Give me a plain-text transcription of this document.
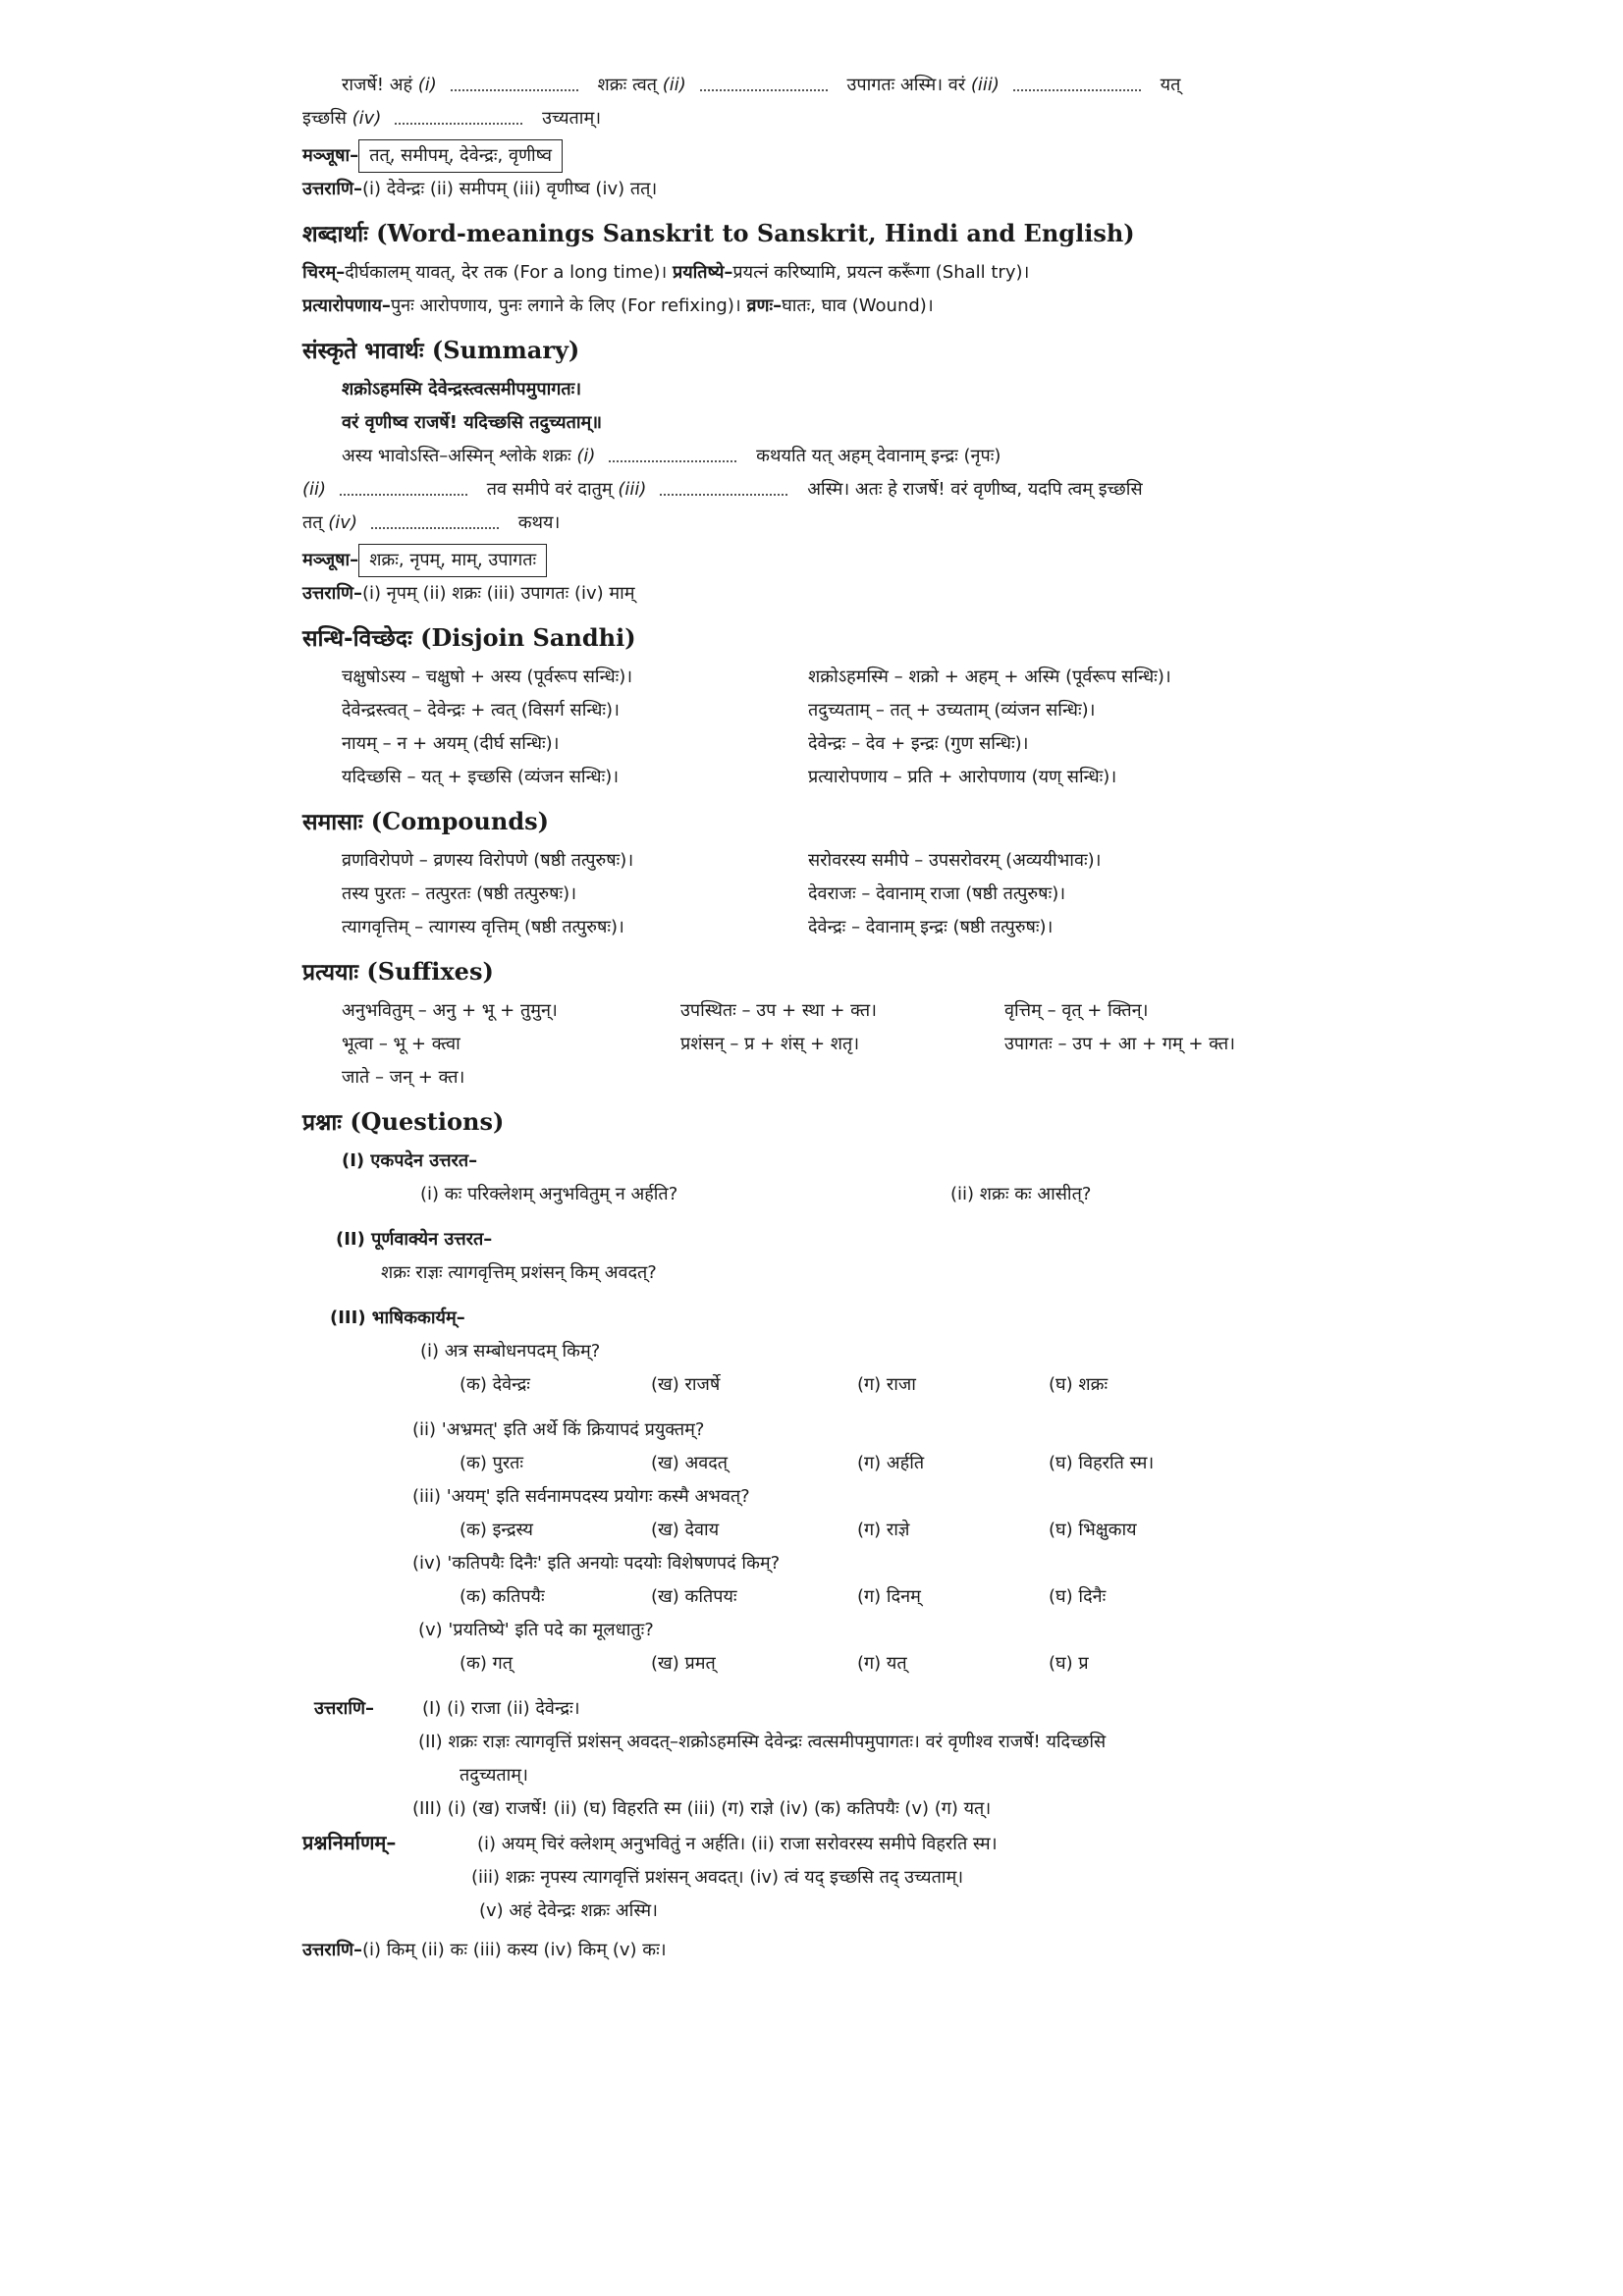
राजर्षे! अहं (i)	शक्रः त्वत् (ii)	उपागतः अस्मि। वरं (iii)	यत्
इच्छसि (iv)	उच्यताम्।
मञ्जूषा– तत्, समीपम्, देवेन्द्रः, वृणीष्व
उत्तराणि–(i) देवेन्द्रः (ii) समीपम् (iii) वृणीष्व (iv) तत्।
शब्दार्थाः (Word-meanings Sanskrit to Sanskrit, Hindi and English)
चिरम्–दीर्घकालम् यावत्, देर तक (For a long time)। प्रयतिष्ये–प्रयत्नं करिष्यामि, प्रयत्न करूँगा (Shall try)।
प्रत्यारोपणाय–पुनः आरोपणाय, पुनः लगाने के लिए (For refixing)। व्रणः–घातः, घाव (Wound)।
संस्कृते भावार्थः (Summary)
शक्रोऽहमस्मि देवेन्द्रस्त्वत्समीपमुपागतः।
वरं वृणीष्व राजर्षे! यदिच्छसि तदुच्यताम्॥
अस्य भावोऽस्ति–अस्मिन् श्लोके शक्रः (i)	कथयति यत् अहम् देवानाम् इन्द्रः (नृपः)
(ii)	तव समीपे वरं दातुम् (iii)	अस्मि। अतः हे राजर्षे! वरं वृणीष्व, यदपि त्वम् इच्छसि
तत् (iv)	कथय।
मञ्जूषा– शक्रः, नृपम्, माम्, उपागतः
उत्तराणि–(i) नृपम् (ii) शक्रः (iii) उपागतः (iv) माम्
सन्धि-विच्छेदः (Disjoin Sandhi)
चक्षुषोऽस्य – चक्षुषो + अस्य (पूर्वरूप सन्धिः)।	शक्रोऽहमस्मि – शक्रो + अहम् + अस्मि (पूर्वरूप सन्धिः)।
देवेन्द्रस्त्वत् – देवेन्द्रः + त्वत् (विसर्ग सन्धिः)।	तदुच्यताम् – तत् + उच्यताम् (व्यंजन सन्धिः)।
नायम् – न + अयम् (दीर्घ सन्धिः)।	देवेन्द्रः – देव + इन्द्रः (गुण सन्धिः)।
यदिच्छसि – यत् + इच्छसि (व्यंजन सन्धिः)।	प्रत्यारोपणाय – प्रति + आरोपणाय (यण् सन्धिः)।
समासाः (Compounds)
व्रणविरोपणे – व्रणस्य विरोपणे (षष्ठी तत्पुरुषः)।	सरोवरस्य समीपे – उपसरोवरम् (अव्ययीभावः)।
तस्य पुरतः – तत्पुरतः (षष्ठी तत्पुरुषः)।	देवराजः – देवानाम् राजा (षष्ठी तत्पुरुषः)।
त्यागवृत्तिम् – त्यागस्य वृत्तिम् (षष्ठी तत्पुरुषः)।	देवेन्द्रः – देवानाम् इन्द्रः (षष्ठी तत्पुरुषः)।
प्रत्ययाः (Suffixes)
अनुभवितुम् – अनु + भू + तुमुन्।	उपस्थितः – उप + स्था + क्त।	वृत्तिम् – वृत् + क्तिन्।
भूत्वा – भू + क्त्वा	प्रशंसन् – प्र + शंस् + शतृ।	उपागतः – उप + आ + गम् + क्त।
जाते – जन् + क्त।
प्रश्नाः (Questions)
(I) एकपदेन उत्तरत–
(i) कः परिक्लेशम् अनुभवितुम् न अर्हति?	(ii) शक्रः कः आसीत्?
(II) पूर्णवाक्येन उत्तरत–
शक्रः राज्ञः त्यागवृत्तिम् प्रशंसन् किम् अवदत्?
(III) भाषिककार्यम्–
(i) अत्र सम्बोधनपदम् किम्?
(क) देवेन्द्रः	(ख) राजर्षे	(ग) राजा	(घ) शक्रः
(ii) 'अभ्रमत्' इति अर्थे किं क्रियापदं प्रयुक्तम्?
(क) पुरतः	(ख) अवदत्	(ग) अर्हति	(घ) विहरति स्म।
(iii) 'अयम्' इति सर्वनामपदस्य प्रयोगः कस्मै अभवत्?
(क) इन्द्रस्य	(ख) देवाय	(ग) राज्ञे	(घ) भिक्षुकाय
(iv) 'कतिपयैः दिनैः' इति अनयोः पदयोः विशेषणपदं किम्?
(क) कतिपयैः	(ख) कतिपयः	(ग) दिनम्	(घ) दिनैः
(v) 'प्रयतिष्ये' इति पदे का मूलधातुः?
(क) गत्	(ख) प्रमत्	(ग) यत्	(घ) प्र
उत्तराणि–	(I) (i) राजा (ii) देवेन्द्रः।
(II) शक्रः राज्ञः त्यागवृत्तिं प्रशंसन् अवदत्–शक्रोऽहमस्मि देवेन्द्रः त्वत्समीपमुपागतः। वरं वृणीश्व राजर्षे! यदिच्छसि
तदुच्यताम्।
(III) (i) (ख) राजर्षे! (ii) (घ) विहरति स्म (iii) (ग) राज्ञे (iv) (क) कतिपयैः (v) (ग) यत्।
प्रश्ननिर्माणम्–	(i) अयम् चिरं क्लेशम् अनुभवितुं न अर्हति। (ii) राजा सरोवरस्य समीपे विहरति स्म।
(iii) शक्रः नृपस्य त्यागवृत्तिं प्रशंसन् अवदत्। (iv) त्वं यद् इच्छसि तद् उच्यताम्।
(v) अहं देवेन्द्रः शक्रः अस्मि।
उत्तराणि–(i) किम् (ii) कः (iii) कस्य (iv) किम् (v) कः।
